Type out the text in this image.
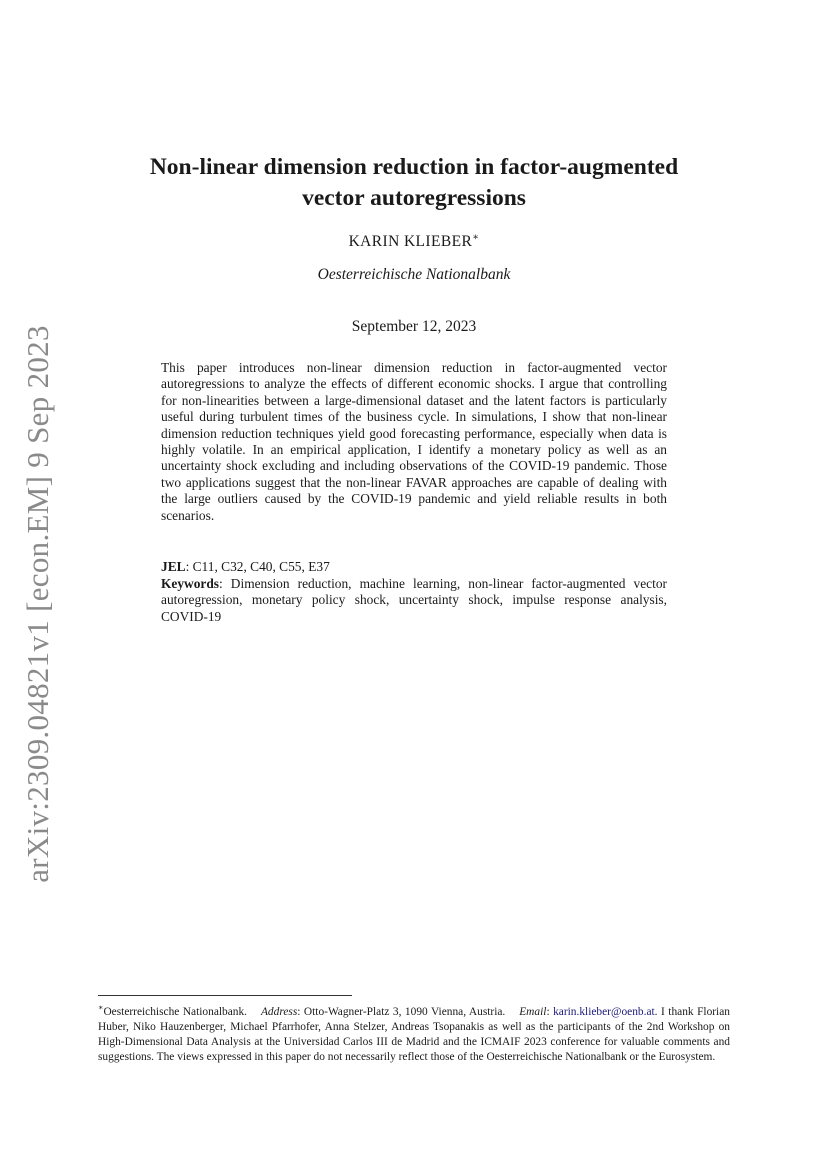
arXiv:2309.04821v1 [econ.EM] 9 Sep 2023
Non-linear dimension reduction in factor-augmented
vector autoregressions
KARIN KLIEBER∗
Oesterreichische Nationalbank
September 12, 2023

This paper introduces non-linear dimension reduction in factor-augmented vector autoregressions to analyze the effects of different economic shocks. I argue that controlling for non-linearities between a large-dimensional dataset and the latent factors is particularly useful during turbulent times of the business cycle. In simulations, I show that non-linear dimension reduction techniques yield good forecasting performance, especially when data is highly volatile. In an empirical application, I identify a monetary policy as well as an uncertainty shock excluding and including observations of the COVID-19 pandemic. Those two applications suggest that the non-linear FAVAR approaches are capable of dealing with the large outliers caused by the COVID-19 pandemic and yield reliable results in both scenarios.

JEL: C11, C32, C40, C55, E37

Keywords: Dimension reduction, machine learning, non-linear factor-augmented vector autoregression, monetary policy shock, uncertainty shock, impulse response analysis, COVID-19

∗Oesterreichische Nationalbank. Address: Otto-Wagner-Platz 3, 1090 Vienna, Austria. Email: karin.klieber@oenb.at. I thank Florian Huber, Niko Hauzenberger, Michael Pfarrhofer, Anna Stelzer, Andreas Tsopanakis as well as the participants of the 2nd Workshop on High-Dimensional Data Analysis at the Universidad Carlos III de Madrid and the ICMAIF 2023 conference for valuable comments and suggestions. The views expressed in this paper do not necessarily reflect those of the Oesterreichische Nationalbank or the Eurosystem.
